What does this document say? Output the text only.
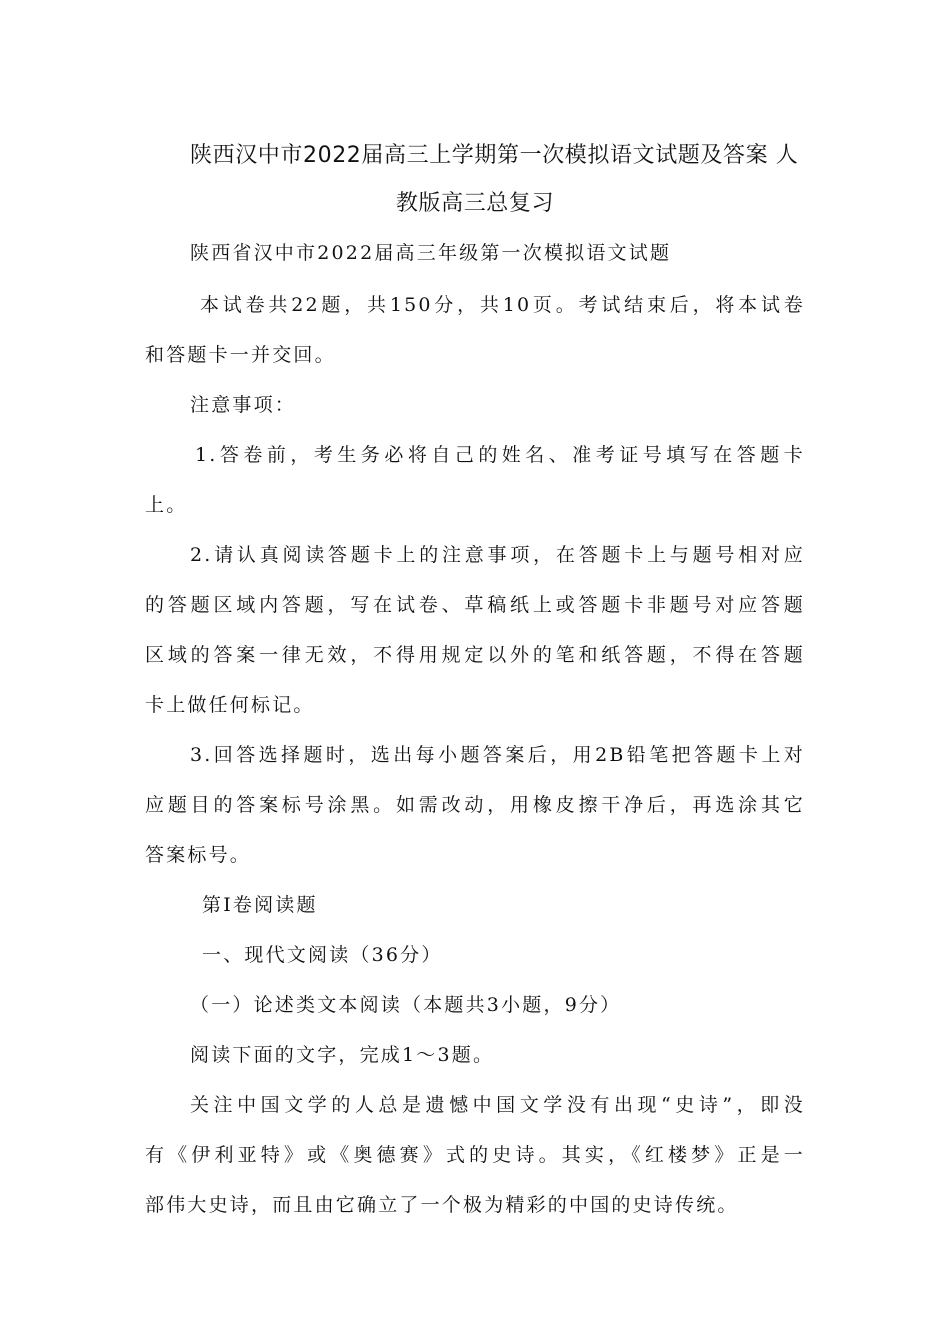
陕西汉中市2022届高三上学期第一次模拟语文试题及答案 人
教版高三总复习
陕西省汉中市2022届高三年级第一次模拟语文试题
本试卷共22题，共150分，共10页。考试结束后，将本试卷
和答题卡一并交回。
注意事项：
1.答卷前，考生务必将自己的姓名、准考证号填写在答题卡
上。
2.请认真阅读答题卡上的注意事项，在答题卡上与题号相对应
的答题区域内答题，写在试卷、草稿纸上或答题卡非题号对应答题
区域的答案一律无效，不得用规定以外的笔和纸答题，不得在答题
卡上做任何标记。
3.回答选择题时，选出每小题答案后，用2B铅笔把答题卡上对
应题目的答案标号涂黑。如需改动，用橡皮擦干净后，再选涂其它
答案标号。
第Ⅰ卷阅读题
一、现代文阅读（36分）
（一）论述类文本阅读（本题共3小题，9分）
阅读下面的文字，完成1～3题。
关注中国文学的人总是遗憾中国文学没有出现“史诗”，即没
有《伊利亚特》或《奥德赛》式的史诗。其实，《红楼梦》正是一
部伟大史诗，而且由它确立了一个极为精彩的中国的史诗传统。
